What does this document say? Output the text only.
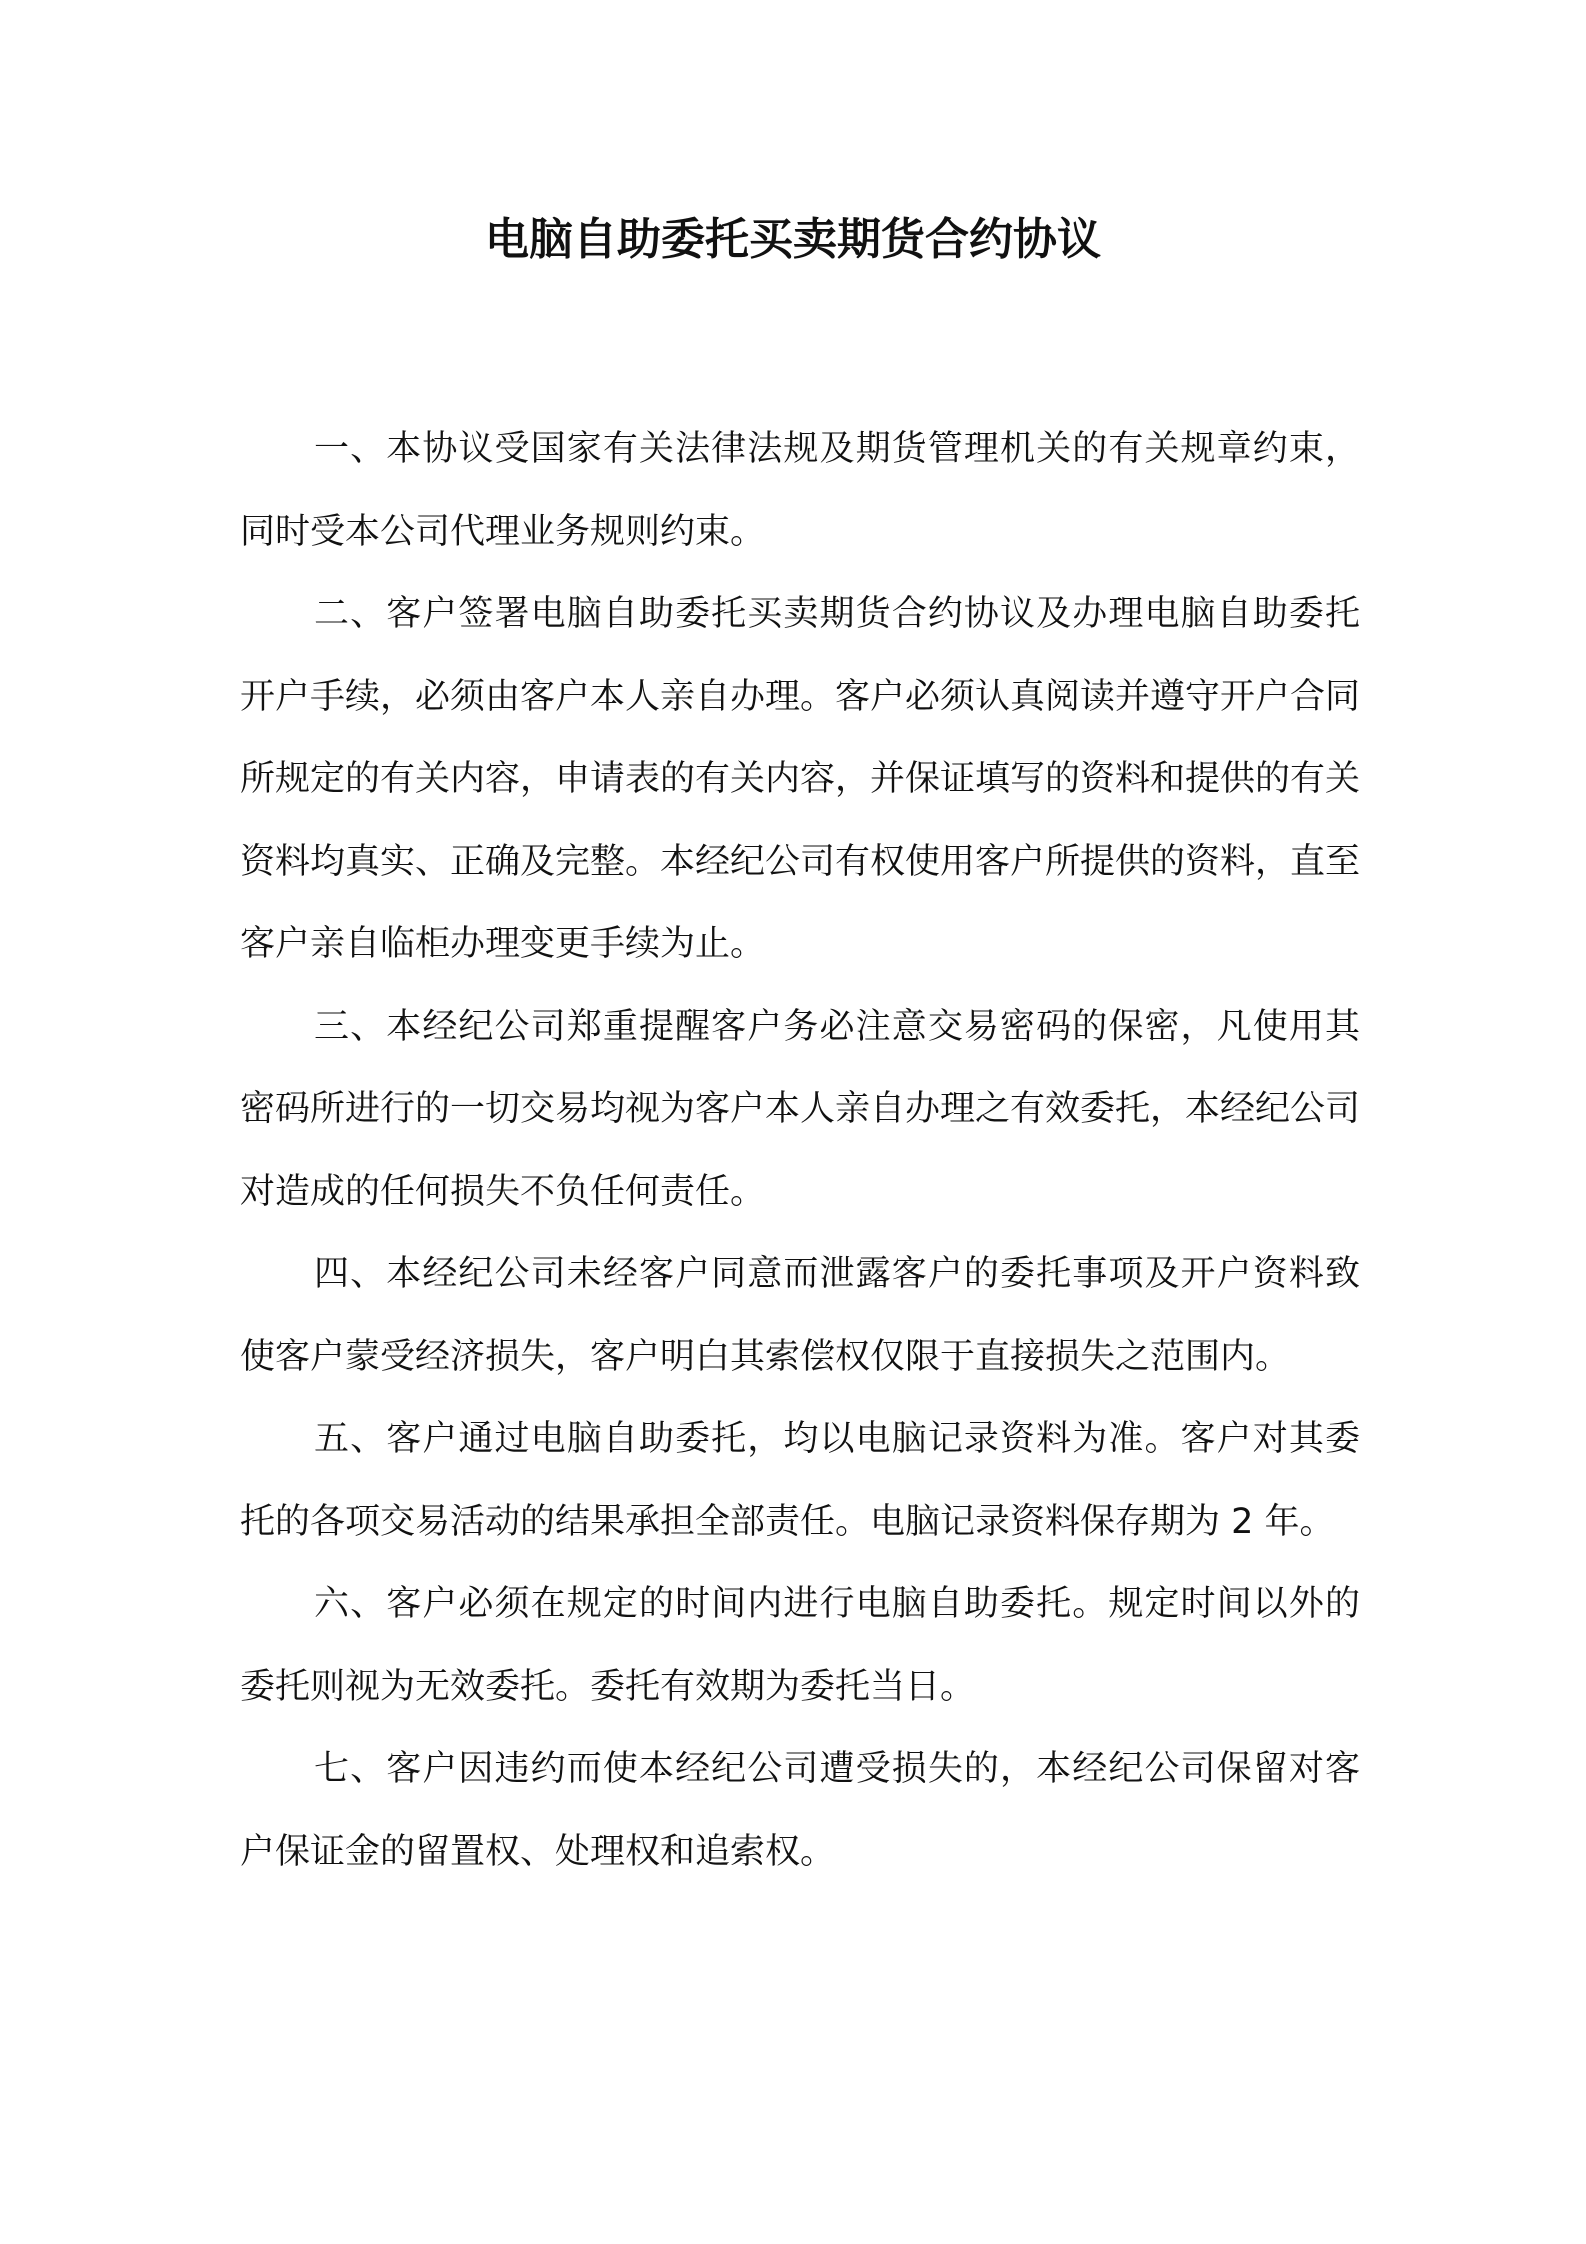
电脑自助委托买卖期货合约协议

一、本协议受国家有关法律法规及期货管理机关的有关规章约束，同时受本公司代理业务规则约束。

二、客户签署电脑自助委托买卖期货合约协议及办理电脑自助委托开户手续，必须由客户本人亲自办理。客户必须认真阅读并遵守开户合同所规定的有关内容，申请表的有关内容，并保证填写的资料和提供的有关资料均真实、正确及完整。本经纪公司有权使用客户所提供的资料，直至客户亲自临柜办理变更手续为止。

三、本经纪公司郑重提醒客户务必注意交易密码的保密，凡使用其密码所进行的一切交易均视为客户本人亲自办理之有效委托，本经纪公司对造成的任何损失不负任何责任。

四、本经纪公司未经客户同意而泄露客户的委托事项及开户资料致使客户蒙受经济损失，客户明白其索偿权仅限于直接损失之范围内。

五、客户通过电脑自助委托，均以电脑记录资料为准。客户对其委托的各项交易活动的结果承担全部责任。电脑记录资料保存期为 2 年。

六、客户必须在规定的时间内进行电脑自助委托。规定时间以外的委托则视为无效委托。委托有效期为委托当日。

七、客户因违约而使本经纪公司遭受损失的，本经纪公司保留对客户保证金的留置权、处理权和追索权。
